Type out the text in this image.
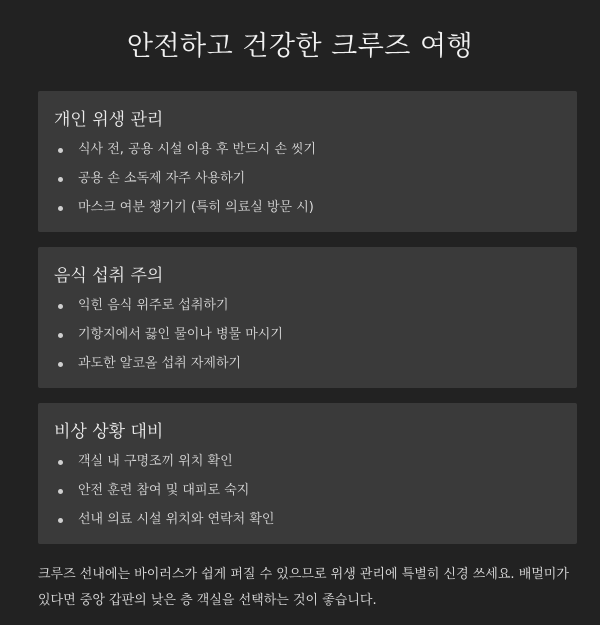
안전하고 건강한 크루즈 여행
개인 위생 관리
식사 전, 공용 시설 이용 후 반드시 손 씻기
공용 손 소독제 자주 사용하기
마스크 여분 챙기기 (특히 의료실 방문 시)
음식 섭취 주의
익힌 음식 위주로 섭취하기
기항지에서 끓인 물이나 병물 마시기
과도한 알코올 섭취 자제하기
비상 상황 대비
객실 내 구명조끼 위치 확인
안전 훈련 참여 및 대피로 숙지
선내 의료 시설 위치와 연락처 확인

크루즈 선내에는 바이러스가 쉽게 퍼질 수 있으므로 위생 관리에 특별히 신경 쓰세요. 배멀미가 있다면 중앙 갑판의 낮은 층 객실을 선택하는 것이 좋습니다.
